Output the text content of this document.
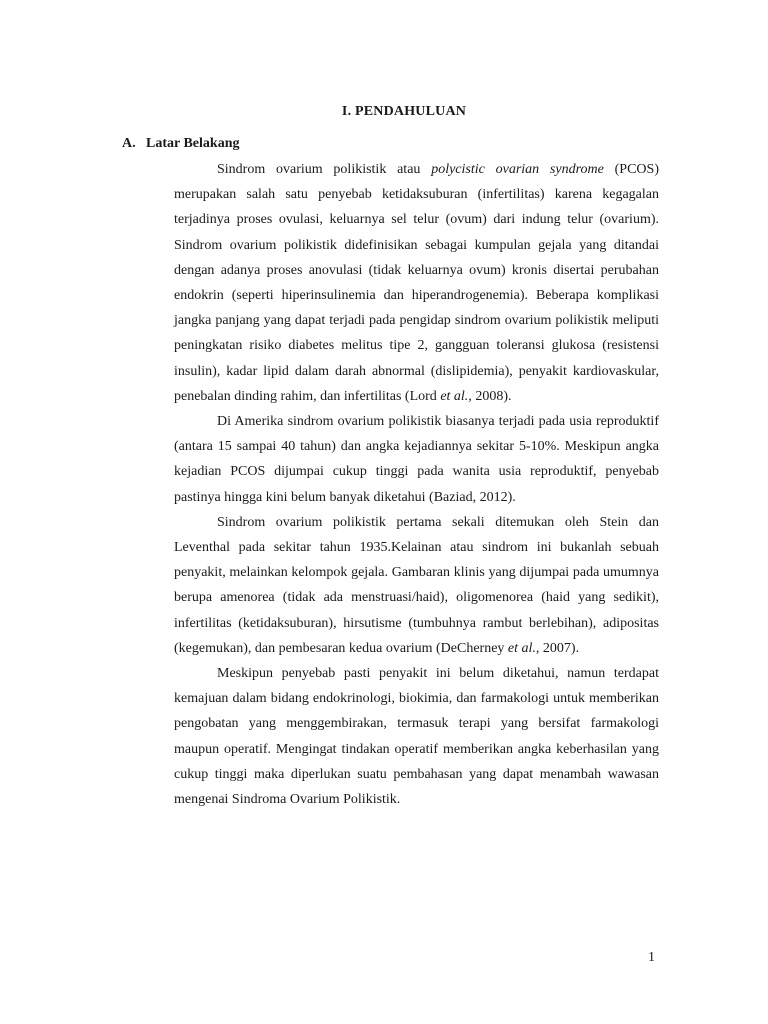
I. PENDAHULUAN
A. Latar Belakang

Sindrom ovarium polikistik atau polycistic ovarian syndrome (PCOS) merupakan salah satu penyebab ketidaksuburan (infertilitas) karena kegagalan terjadinya proses ovulasi, keluarnya sel telur (ovum) dari indung telur (ovarium). Sindrom ovarium polikistik didefinisikan sebagai kumpulan gejala yang ditandai dengan adanya proses anovulasi (tidak keluarnya ovum) kronis disertai perubahan endokrin (seperti hiperinsulinemia dan hiperandrogenemia). Beberapa komplikasi jangka panjang yang dapat terjadi pada pengidap sindrom ovarium polikistik meliputi peningkatan risiko diabetes melitus tipe 2, gangguan toleransi glukosa (resistensi insulin), kadar lipid dalam darah abnormal (dislipidemia), penyakit kardiovaskular, penebalan dinding rahim, dan infertilitas (Lord et al., 2008).

Di Amerika sindrom ovarium polikistik biasanya terjadi pada usia reproduktif (antara 15 sampai 40 tahun) dan angka kejadiannya sekitar 5-10%. Meskipun angka kejadian PCOS dijumpai cukup tinggi pada wanita usia reproduktif, penyebab pastinya hingga kini belum banyak diketahui (Baziad, 2012).

Sindrom ovarium polikistik pertama sekali ditemukan oleh Stein dan Leventhal pada sekitar tahun 1935.Kelainan atau sindrom ini bukanlah sebuah penyakit, melainkan kelompok gejala. Gambaran klinis yang dijumpai pada umumnya berupa amenorea (tidak ada menstruasi/haid), oligomenorea (haid yang sedikit), infertilitas (ketidaksuburan), hirsutisme (tumbuhnya rambut berlebihan), adipositas (kegemukan), dan pembesaran kedua ovarium (DeCherney et al., 2007).

Meskipun penyebab pasti penyakit ini belum diketahui, namun terdapat kemajuan dalam bidang endokrinologi, biokimia, dan farmakologi untuk memberikan pengobatan yang menggembirakan, termasuk terapi yang bersifat farmakologi maupun operatif. Mengingat tindakan operatif memberikan angka keberhasilan yang cukup tinggi maka diperlukan suatu pembahasan yang dapat menambah wawasan mengenai Sindroma Ovarium Polikistik.

1
